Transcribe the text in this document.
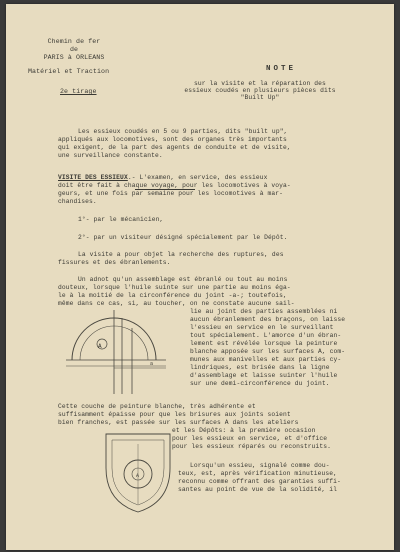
Chemin de fer
de
PARIS à ORLEANS
Matériel et Traction
2e tirage
NOTE
sur la visite et la réparation des
essieux coudés en plusieurs pièces dits
"Built Up"
Les essieux coudés en 5 ou 9 parties, dits "built up",
appliqués aux locomotives, sont des organes très importants
qui exigent, de la part des agents de conduite et de visite,
une surveillance constante.
VISITE DES ESSIEUX.- L'examen, en service, des essieux
doit être fait à chaque voyage, pour les locomotives à voya-
geurs, et une fois par semaine pour les locomotives à mar-
chandises.
1°- par le mécanicien,
2°- par un visiteur désigné spécialement par le Dépôt.
La visite a pour objet la recherche des ruptures, des
fissures et des ébranlements.
Un adnot qu'un assemblage est ébranlé ou tout au moins
douteux, lorsque l'huile suinte sur une partie au moins éga-
le à la moitié de la circonférence du joint -a-; toutefois,
même dans ce cas, si, au toucher, on ne constate aucune sail-
lie au joint des parties assemblées ni
aucun ébranlement des braçons, on laisse
l'essieu en service en le surveillant
tout spécialement. L'amorce d'un ébran-
lement est révélée lorsque la peinture
blanche apposée sur les surfaces A, com-
munes aux manivelles et aux parties cy-
lindriques, est brisée dans la ligne
d'assemblage et laisse suinter l'huile
sur une demi-circonférence du joint.
A
a
Cette couche de peinture blanche, très adhérente et
suffisamment épaisse pour que les brisures aux joints soient
bien franches, est passée sur les surfaces A dans les ateliers
et les Dépôts: à la première occasion
pour les essieux en service, et d'office
pour les essieux réparés ou reconstruits.
A
Lorsqu'un essieu, signalé comme dou-
teux, est, après vérification minutieuse,
reconnu comme offrant des garanties suffi-
santes au point de vue de la solidité, il
